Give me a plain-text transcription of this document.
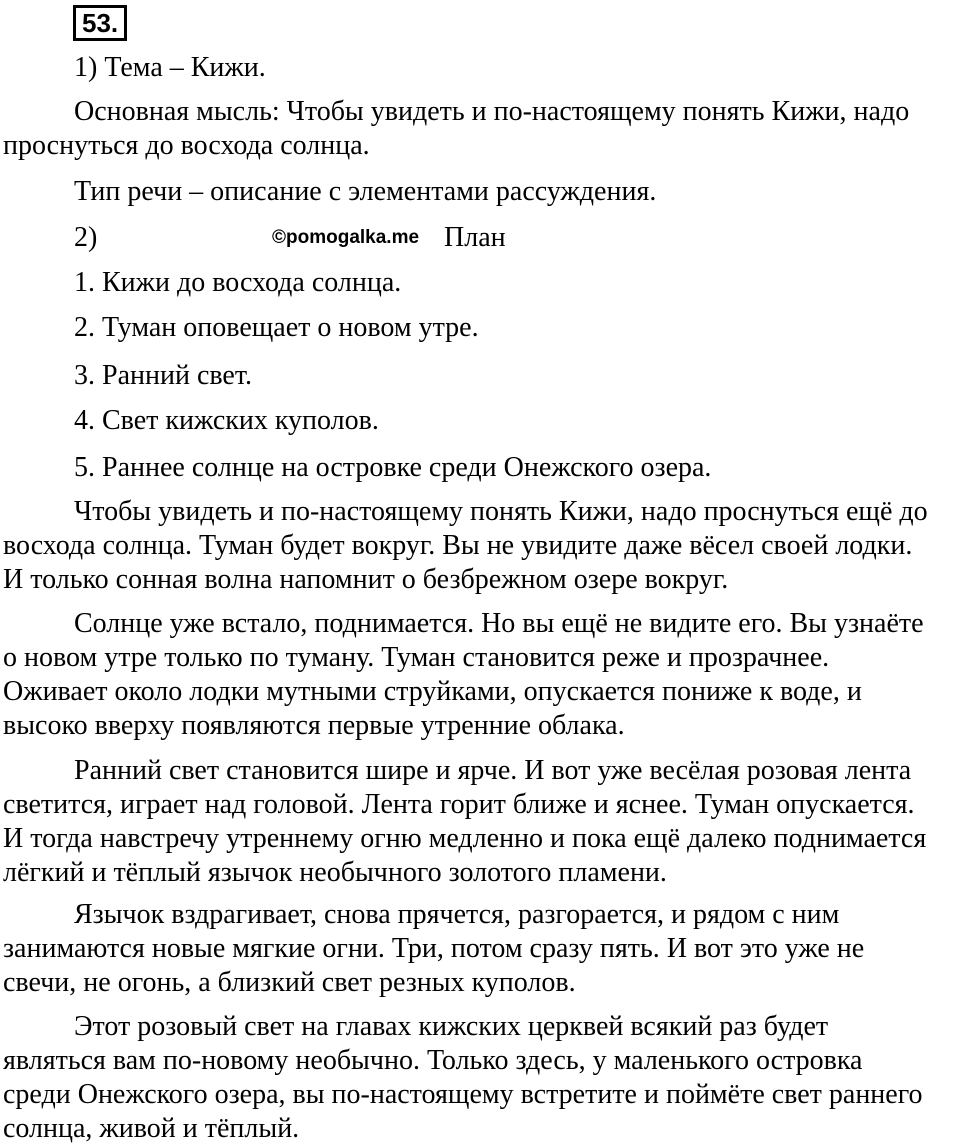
53.
1) Тема – Кижи.
Основная мысль: Чтобы увидеть и по-настоящему понять Кижи, надо
проснуться до восхода солнца.
Тип речи – описание с элементами рассуждения.
2)	©pomogalka.me План
1. Кижи до восхода солнца.
2. Туман оповещает о новом утре.
3. Ранний свет.
4. Свет кижских куполов.
5. Раннее солнце на островке среди Онежского озера.
Чтобы увидеть и по-настоящему понять Кижи, надо проснуться ещё до
восхода солнца. Туман будет вокруг. Вы не увидите даже вёсел своей лодки.
И только сонная волна напомнит о безбрежном озере вокруг.
Солнце уже встало, поднимается. Но вы ещё не видите его. Вы узнаёте
о новом утре только по туману. Туман становится реже и прозрачнее.
Оживает около лодки мутными струйками, опускается пониже к воде, и
высоко вверху появляются первые утренние облака.
Ранний свет становится шире и ярче. И вот уже весёлая розовая лента
светится, играет над головой. Лента горит ближе и яснее. Туман опускается.
И тогда навстречу утреннему огню медленно и пока ещё далеко поднимается
лёгкий и тёплый язычок необычного золотого пламени.
Язычок вздрагивает, снова прячется, разгорается, и рядом с ним
занимаются новые мягкие огни. Три, потом сразу пять. И вот это уже не
свечи, не огонь, а близкий свет резных куполов.
Этот розовый свет на главах кижских церквей всякий раз будет
являться вам по-новому необычно. Только здесь, у маленького островка
среди Онежского озера, вы по-настоящему встретите и поймёте свет раннего
солнца, живой и тёплый.
